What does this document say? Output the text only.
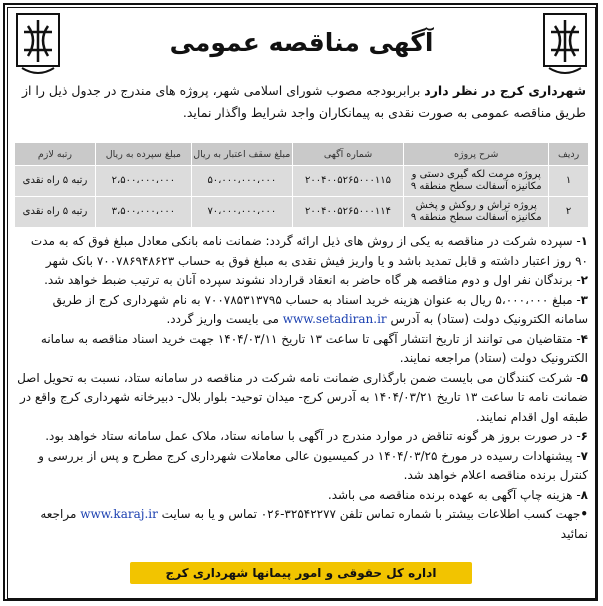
آگهی مناقصه عمومی
شهرداری کرج در نظر دارد برابربودجه مصوب شورای اسلامی شهر، پروژه های مندرج در جدول ذیل را از طریق مناقصه عمومی به صورت نقدی به پیمانکاران واجد شرایط واگذار نماید.
ردیف	شرح پروژه	شماره آگهی	مبلغ سقف اعتبار به ریال	مبلغ سپرده به ریال	رتبه لازم
۱	پروژه مرمت لکه گیری دستی و مکانیزه آسفالت سطح منطقه ۹	۲۰۰۴۰۰۵۲۶۵۰۰۰۱۱۵	۵۰،۰۰۰،۰۰۰،۰۰۰	۲،۵۰۰،۰۰۰،۰۰۰	رتبه ۵ راه نقدی
۲	پروژه تراش و روکش و پخش مکانیزه آسفالت سطح منطقه ۹	۲۰۰۴۰۰۵۲۶۵۰۰۰۱۱۴	۷۰،۰۰۰،۰۰۰،۰۰۰	۳،۵۰۰،۰۰۰،۰۰۰	رتبه ۵ راه نقدی

۱- سپرده شرکت در مناقصه به یکی از روش های ذیل ارائه گردد: ضمانت نامه بانکی معادل مبلغ فوق که به مدت ۹۰ روز اعتبار داشته و قابل تمدید باشد و یا واریز فیش نقدی به مبلغ فوق به حساب ۷۰۰۷۸۶۹۴۸۶۲۳ بانک شهر

۲- برندگان نفر اول و دوم مناقصه هر گاه حاضر به انعقاد قرارداد نشوند سپرده آنان به ترتیب ضبط خواهد شد.

۳- مبلغ ۵،۰۰۰،۰۰۰ ریال به عنوان هزینه خرید اسناد به حساب ۷۰۰۷۸۵۳۱۳۷۹۵ به نام شهرداری کرج از طریق سامانه الکترونیک دولت (ستاد) به آدرس www.setadiran.ir می بایست واریز گردد.

۴- متقاضیان می توانند از تاریخ انتشار آگهی تا ساعت ۱۳ تاریخ ۱۴۰۴/۰۳/۱۱ جهت خرید اسناد مناقصه به سامانه الکترونیک دولت (ستاد) مراجعه نمایند.

۵- شرکت کنندگان می بایست ضمن بارگذاری ضمانت نامه شرکت در مناقصه در سامانه ستاد، نسبت به تحویل اصل ضمانت نامه تا ساعت ۱۳ تاریخ ۱۴۰۴/۰۳/۲۱ به آدرس کرج- میدان توحید- بلوار بلال- دبیرخانه شهرداری کرج واقع در طبقه اول اقدام نمایند.

۶- در صورت بروز هر گونه تناقض در موارد مندرج در آگهی با سامانه ستاد، ملاک عمل سامانه ستاد خواهد بود.

۷- پیشنهادات رسیده در مورخ ۱۴۰۴/۰۳/۲۵ در کمیسیون عالی معاملات شهرداری کرج مطرح و پس از بررسی و کنترل برنده مناقصه اعلام خواهد شد.

۸- هزینه چاپ آگهی به عهده برنده مناقصه می باشد.

•جهت کسب اطلاعات بیشتر با شماره تماس تلفن ۳۲۵۴۲۲۷۷-۰۲۶ تماس و یا به سایت www.karaj.ir مراجعه نمائید

اداره کل حقوقی و امور پیمانها شهرداری کرج
